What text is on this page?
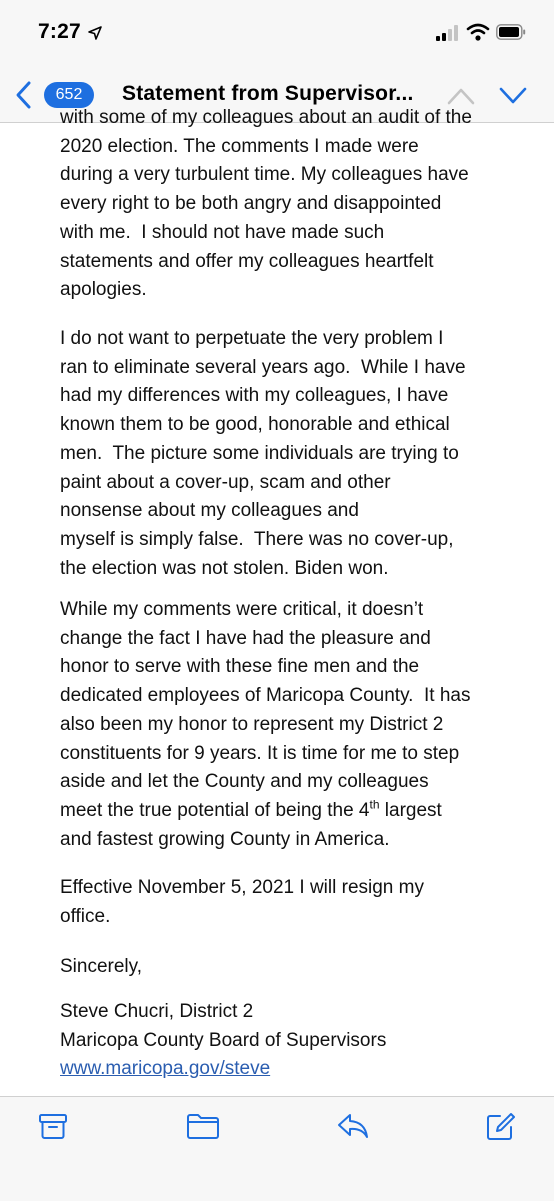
7:27
652	Statement from Supervisor...
with some of my colleagues about an audit of the
2020 election. The comments I made were
during a very turbulent time. My colleagues have
every right to be both angry and disappointed
with me.  I should not have made such
statements and offer my colleagues heartfelt
apologies.
I do not want to perpetuate the very problem I
ran to eliminate several years ago.  While I have
had my differences with my colleagues, I have
known them to be good, honorable and ethical
men.  The picture some individuals are trying to
paint about a cover-up, scam and other
nonsense about my colleagues and
myself is simply false.  There was no cover-up,
the election was not stolen. Biden won.
While my comments were critical, it doesn’t
change the fact I have had the pleasure and
honor to serve with these fine men and the
dedicated employees of Maricopa County.  It has
also been my honor to represent my District 2
constituents for 9 years. It is time for me to step
aside and let the County and my colleagues
meet the true potential of being the 4th largest
and fastest growing County in America.
Effective November 5, 2021 I will resign my
office.
Sincerely,
Steve Chucri, District 2
Maricopa County Board of Supervisors
www.maricopa.gov/steve
